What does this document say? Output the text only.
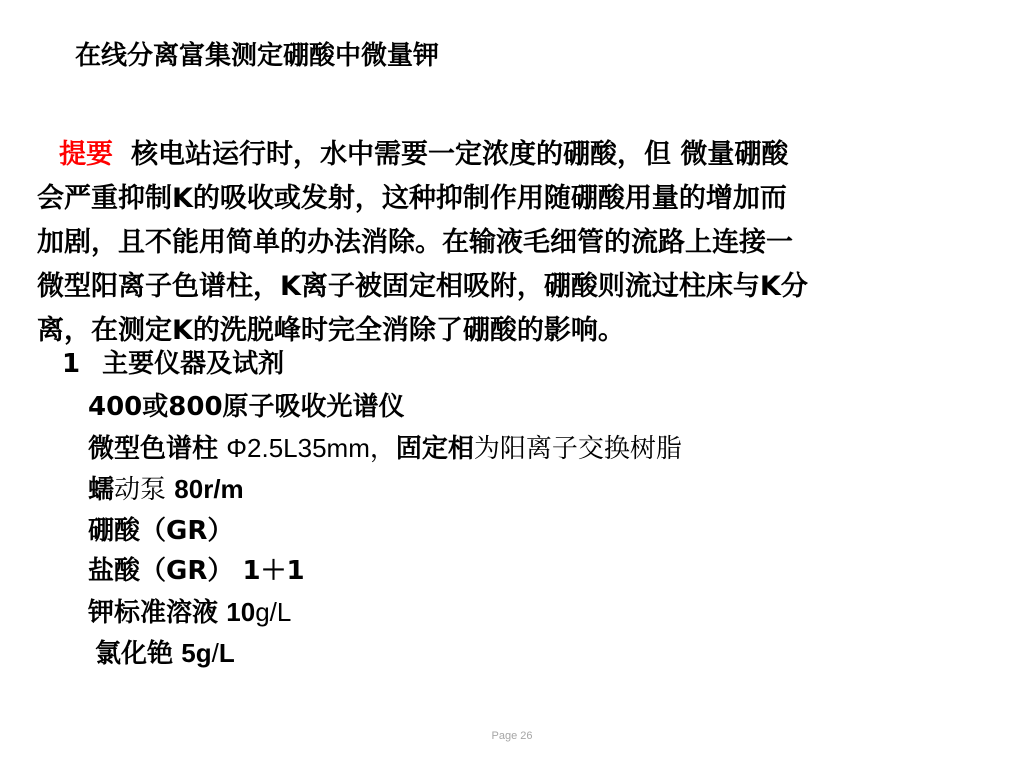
在线分离富集测定硼酸中微量钾
提要 核电站运行时，水中需要一定浓度的硼酸，但 微量硼酸
会严重抑制K的吸收或发射，这种抑制作用随硼酸用量的增加而
加剧，且不能用简单的办法消除。在输液毛细管的流路上连接一
微型阳离子色谱柱，K离子被固定相吸附，硼酸则流过柱床与K分
离，在测定K的洗脱峰时完全消除了硼酸的影响。
1 主要仪器及试剂
400或800原子吸收光谱仪
微型色谱柱 Φ2.5L35mm，固定相为阳离子交换树脂
蠕动泵 80r/m
硼酸（GR）
盐酸（GR） 1＋1
钾标准溶液 10g/L
氯化铯 5g/L
Page 26
